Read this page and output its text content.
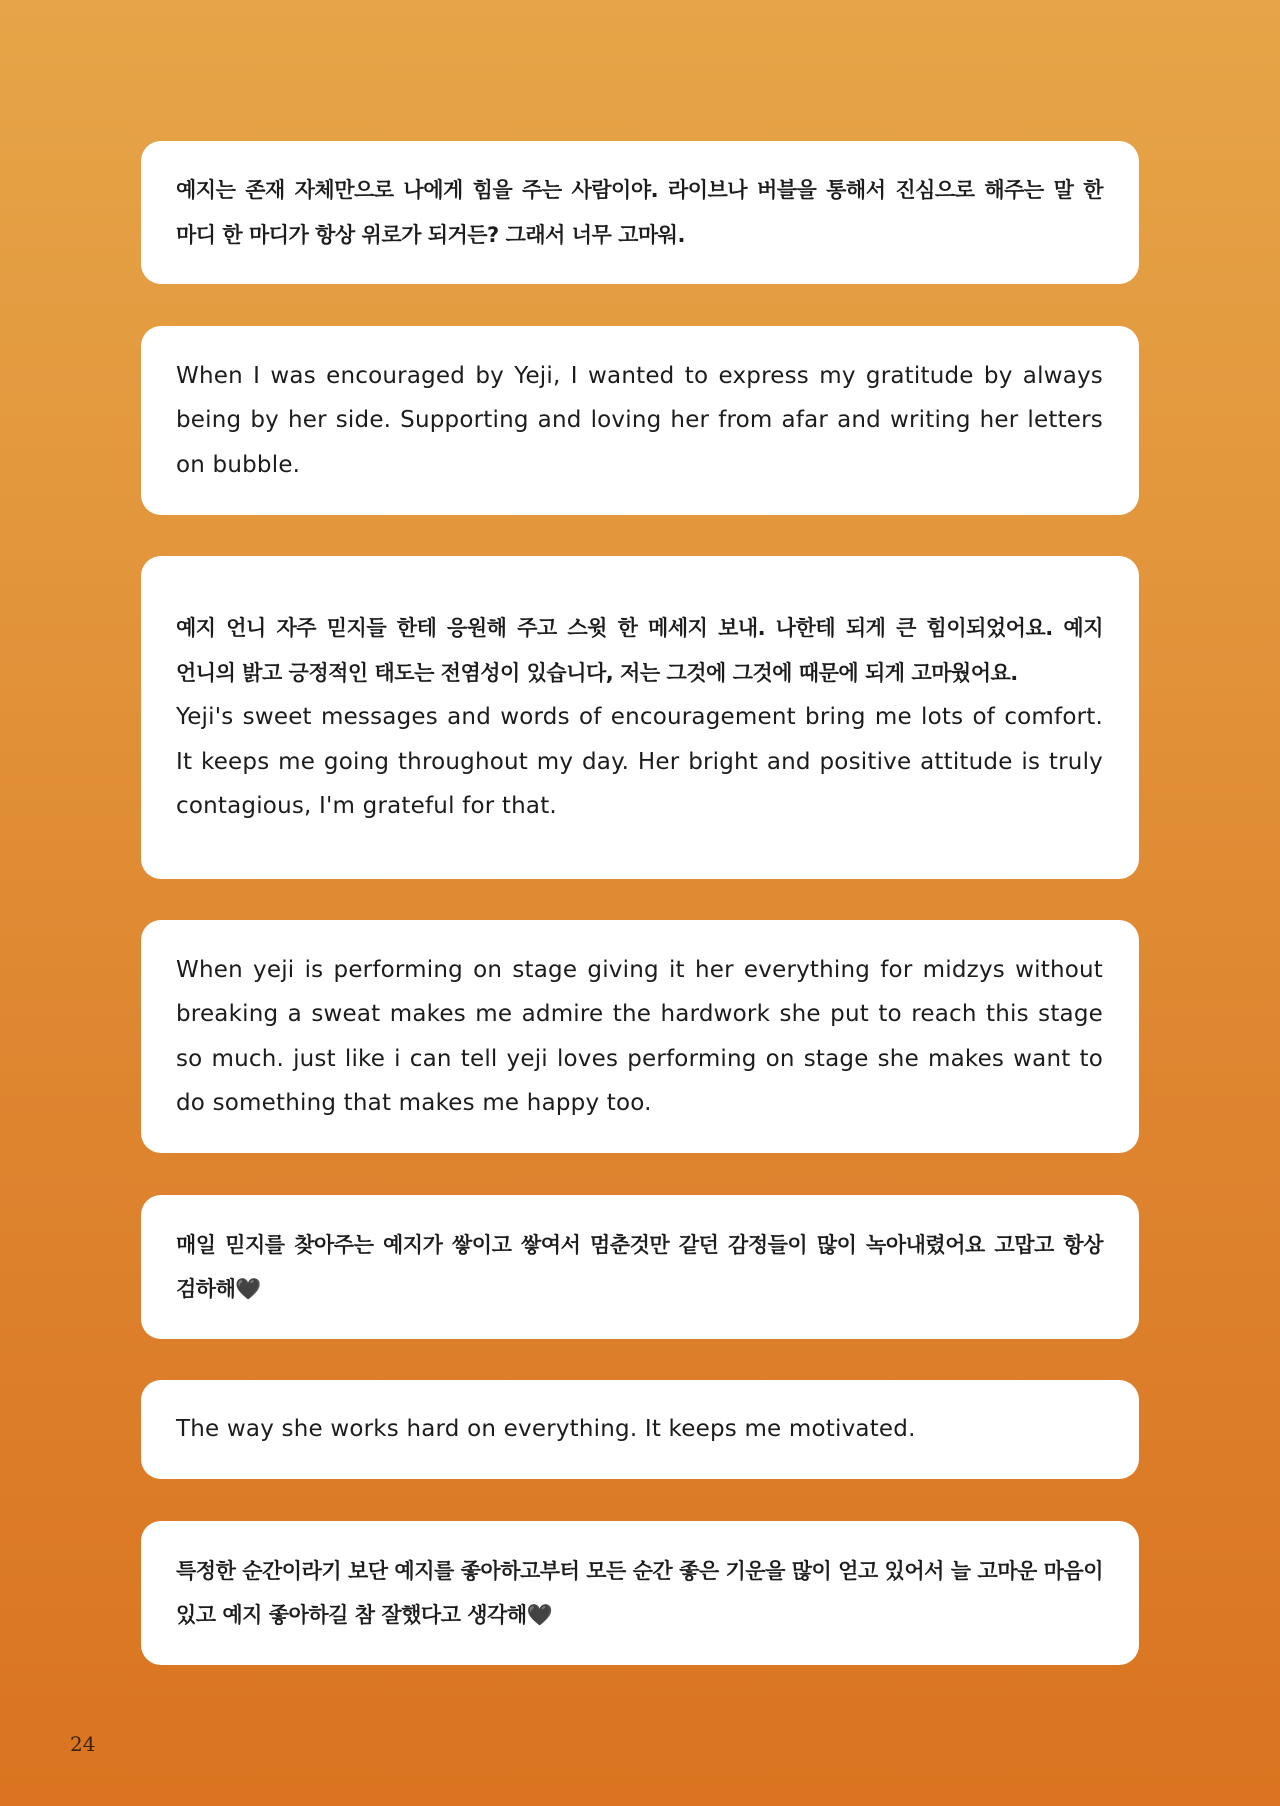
예지는 존재 자체만으로 나에게 힘을 주는 사람이야. 라이브나 버블을 통해서 진심으로 해주는 말 한 마디 한 마디가 항상 위로가 되거든? 그래서 너무 고마워.
When I was encouraged by Yeji, I wanted to express my gratitude by always being by her side. Supporting and loving her from afar and writing her letters on bubble.
예지 언니 자주 믿지들 한테 응원해 주고 스윗 한 메세지 보내. 나한테 되게 큰 힘이되었어요. 예지 언니의 밝고 긍정적인 태도는 전염성이 있습니다, 저는 그것에 그것에 때문에 되게 고마웠어요.
Yeji's sweet messages and words of encouragement bring me lots of comfort. It keeps me going throughout my day. Her bright and positive attitude is truly contagious, I'm grateful for that.
When yeji is performing on stage giving it her everything for midzys without breaking a sweat makes me admire the hardwork she put to reach this stage so much. just like i can tell yeji loves performing on stage she makes want to do something that makes me happy too.
매일 믿지를 찾아주는 예지가 쌓이고 쌓여서 멈춘것만 같던 감정들이 많이 녹아내렸어요 고맙고 항상 검하해🖤
The way she works hard on everything. It keeps me motivated.
특정한 순간이라기 보단 예지를 좋아하고부터 모든 순간 좋은 기운을 많이 얻고 있어서 늘 고마운 마음이 있고 예지 좋아하길 참 잘했다고 생각해🖤
24
